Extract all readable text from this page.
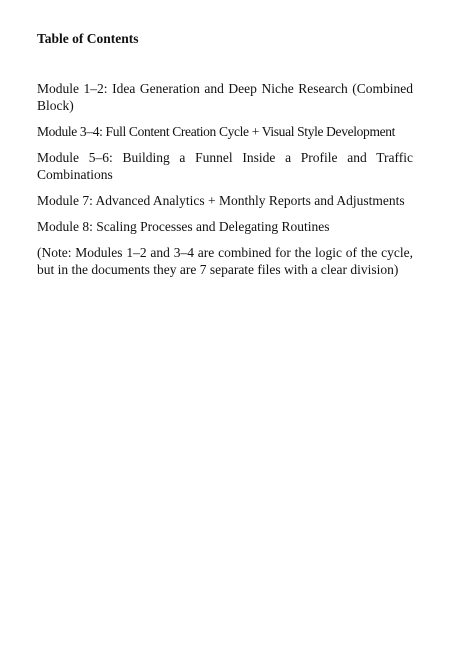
Table of Contents
Module 1–2: Idea Generation and Deep Niche Research (Combined Block)
Module 3–4: Full Content Creation Cycle + Visual Style Development
Module 5–6: Building a Funnel Inside a Profile and Traffic Combinations
Module 7: Advanced Analytics + Monthly Reports and Adjustments
Module 8: Scaling Processes and Delegating Routines

(Note: Modules 1–2 and 3–4 are combined for the logic of the cycle, but in the documents they are 7 separate files with a clear division)
